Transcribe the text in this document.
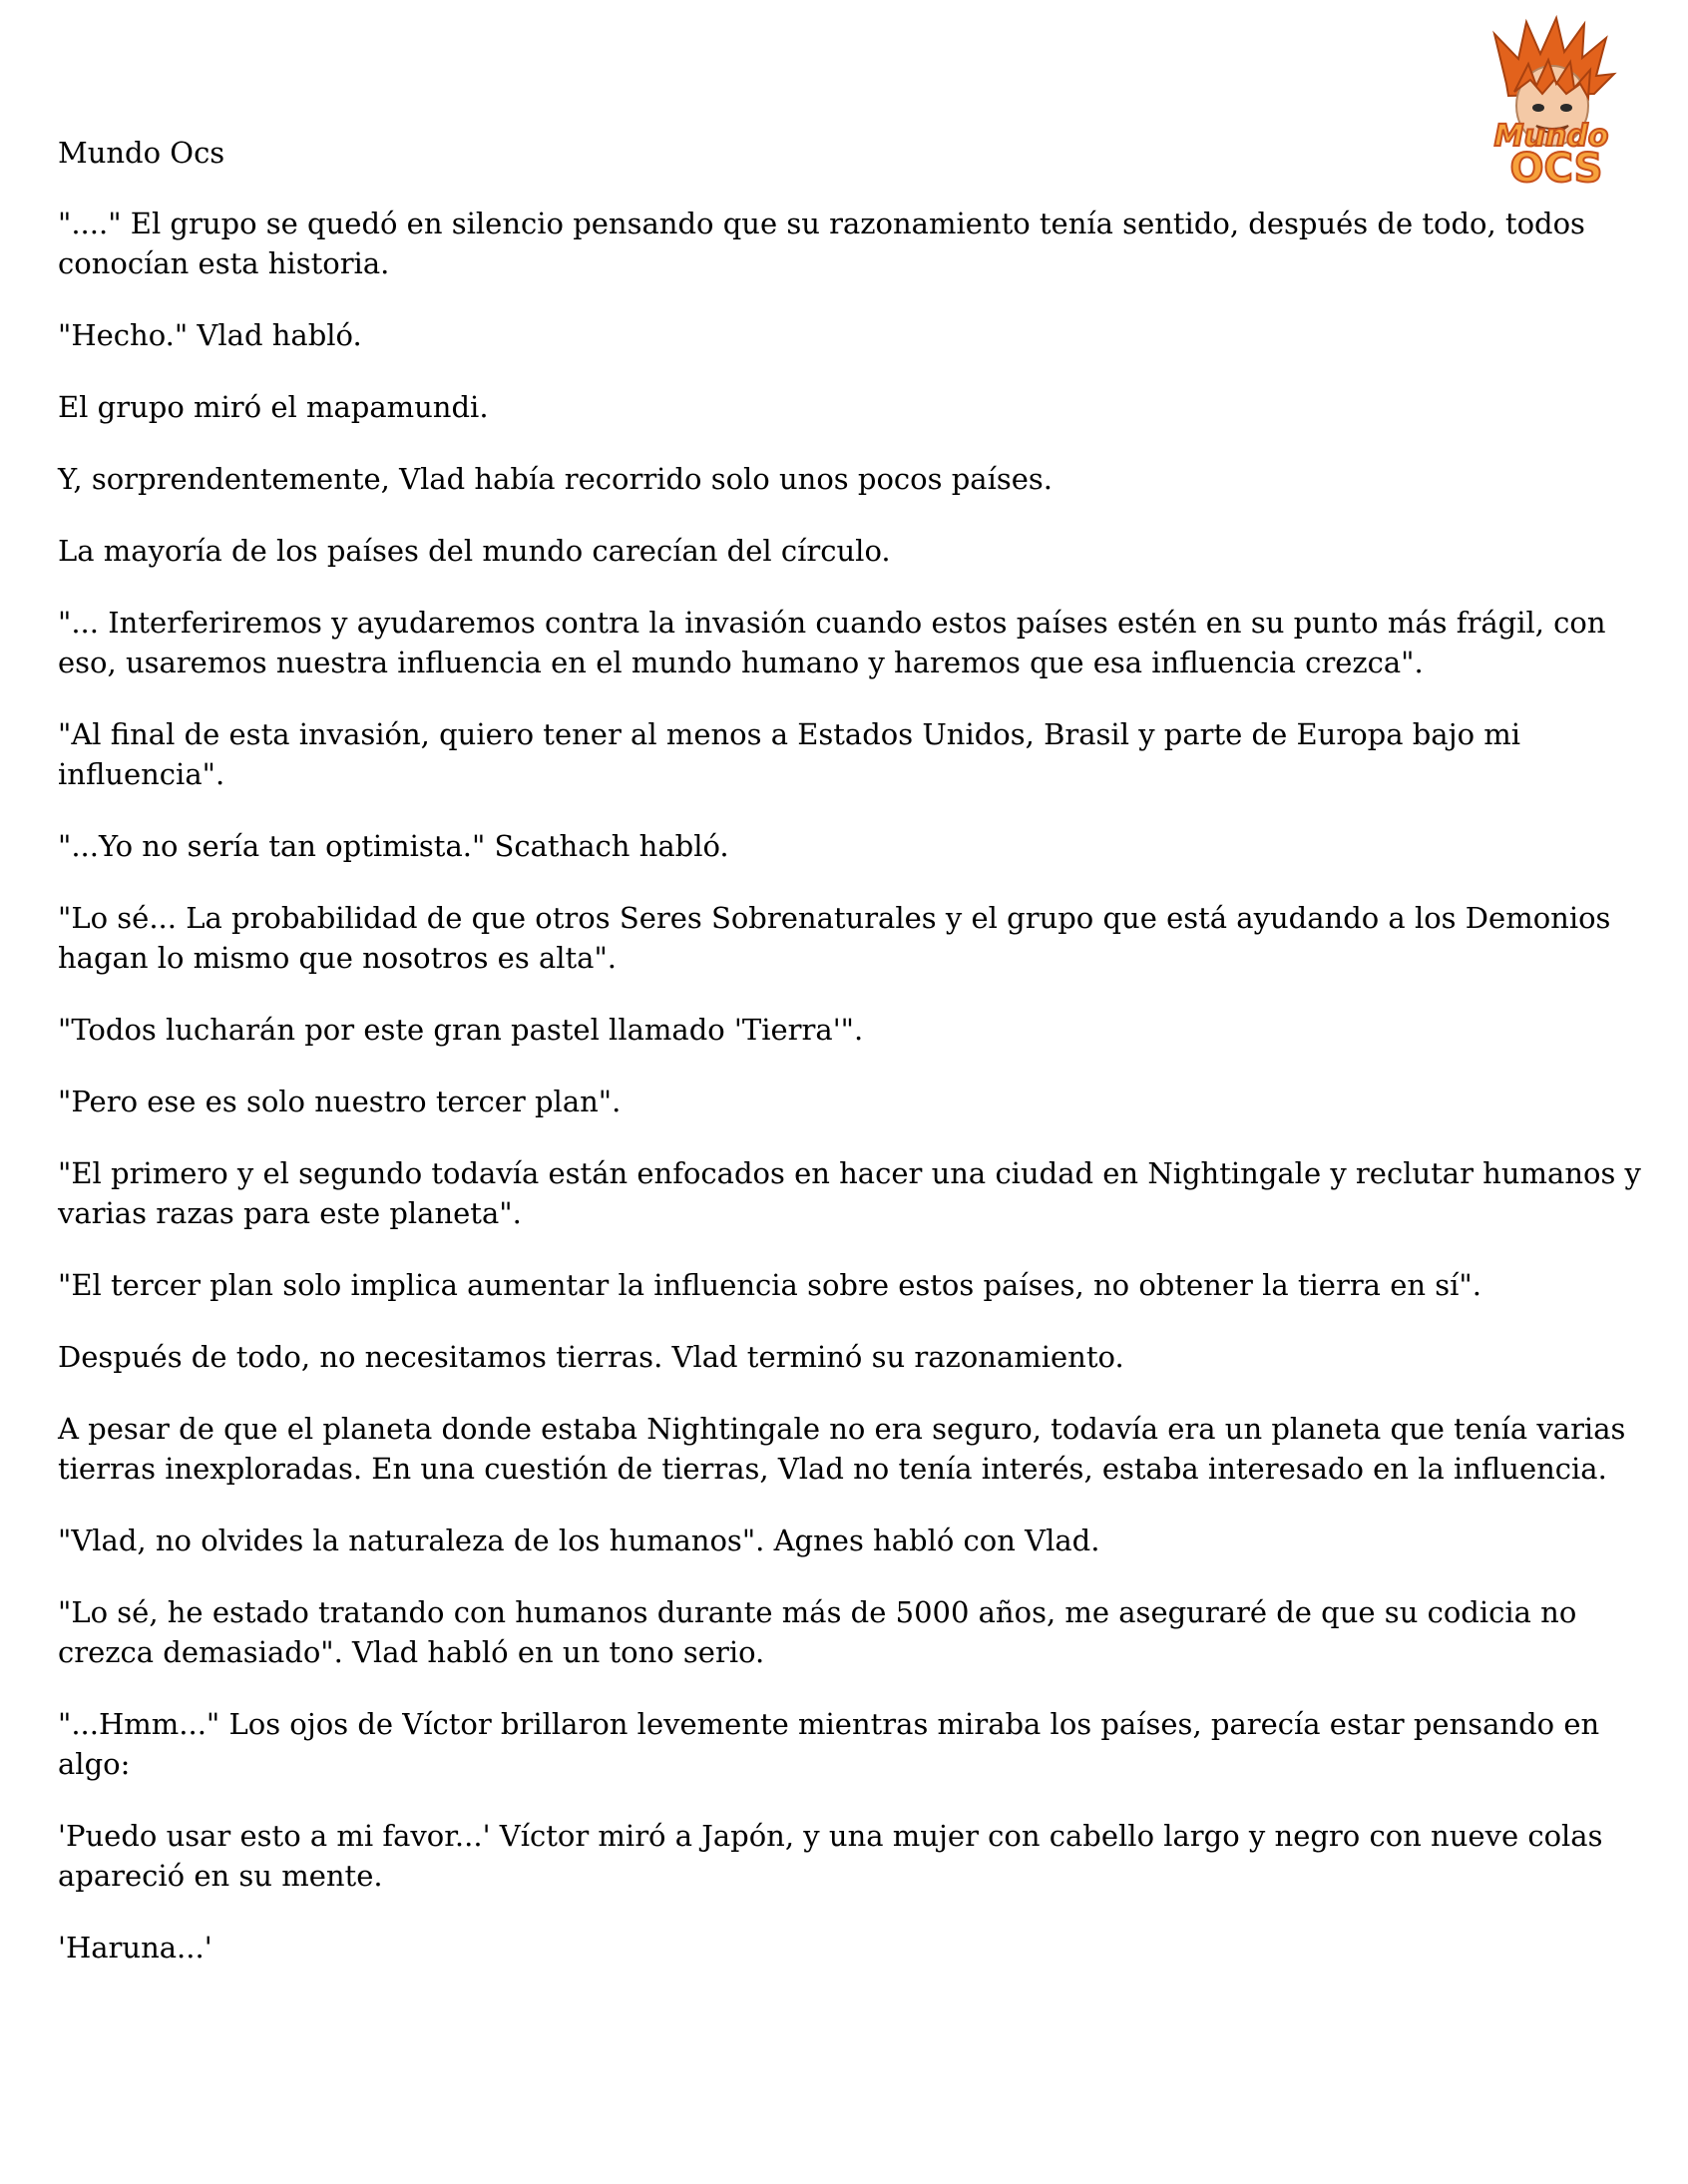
Mundo
OCS
Mundo Ocs

"...." El grupo se quedó en silencio pensando que su razonamiento tenía sentido, después de todo, todos conocían esta historia.

"Hecho." Vlad habló.

El grupo miró el mapamundi.

Y, sorprendentemente, Vlad había recorrido solo unos pocos países.

La mayoría de los países del mundo carecían del círculo.

"... Interferiremos y ayudaremos contra la invasión cuando estos países estén en su punto más frágil, con eso, usaremos nuestra influencia en el mundo humano y haremos que esa influencia crezca".

"Al final de esta invasión, quiero tener al menos a Estados Unidos, Brasil y parte de Europa bajo mi influencia".

"...Yo no sería tan optimista." Scathach habló.

"Lo sé... La probabilidad de que otros Seres Sobrenaturales y el grupo que está ayudando a los Demonios hagan lo mismo que nosotros es alta".

"Todos lucharán por este gran pastel llamado 'Tierra'".

"Pero ese es solo nuestro tercer plan".

"El primero y el segundo todavía están enfocados en hacer una ciudad en Nightingale y reclutar humanos y varias razas para este planeta".

"El tercer plan solo implica aumentar la influencia sobre estos países, no obtener la tierra en sí".

Después de todo, no necesitamos tierras. Vlad terminó su razonamiento.

A pesar de que el planeta donde estaba Nightingale no era seguro, todavía era un planeta que tenía varias tierras inexploradas. En una cuestión de tierras, Vlad no tenía interés, estaba interesado en la influencia.

"Vlad, no olvides la naturaleza de los humanos". Agnes habló con Vlad.

"Lo sé, he estado tratando con humanos durante más de 5000 años, me aseguraré de que su codicia no crezca demasiado". Vlad habló en un tono serio.

"...Hmm..." Los ojos de Víctor brillaron levemente mientras miraba los países, parecía estar pensando en algo:

'Puedo usar esto a mi favor...' Víctor miró a Japón, y una mujer con cabello largo y negro con nueve colas apareció en su mente.

'Haruna...'
